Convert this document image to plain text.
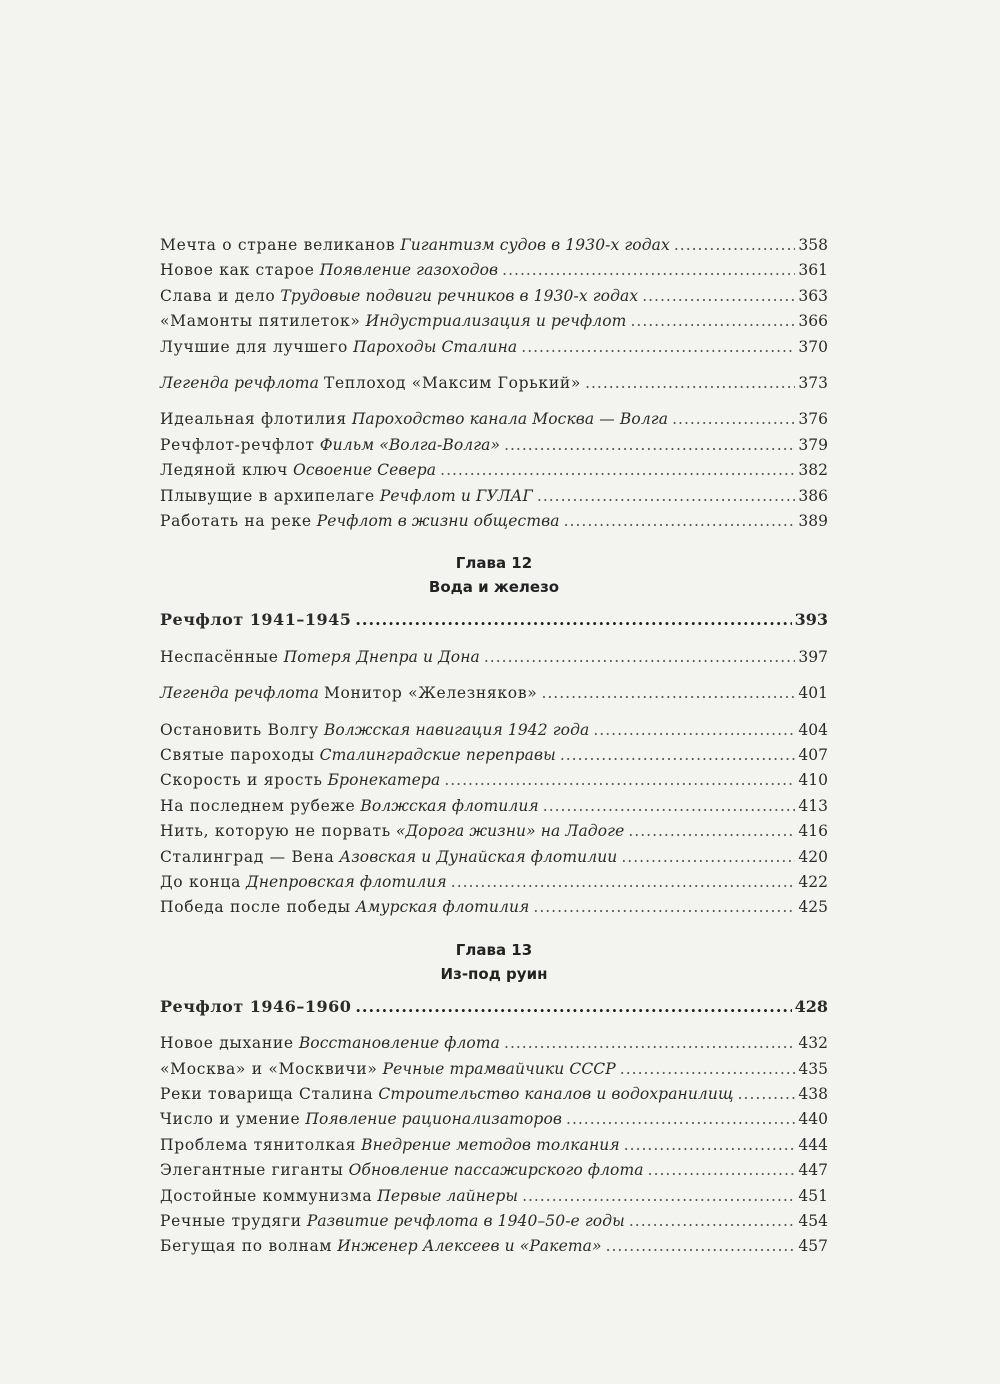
Мечта о стране великанов Гигантизм судов в 1930-х годах .....	358
Новое как старое Появление газоходов .....	361
Слава и дело Трудовые подвиги речников в 1930-х годах .....	363
«Мамонты пятилеток» Индустриализация и речфлот .....	366
Лучшие для лучшего Пароходы Сталина .....	370
Легенда речфлота Теплоход «Максим Горький» .....	373
Идеальная флотилия Пароходство канала Москва — Волга .....	376
Речфлот-речфлот Фильм «Волга-Волга» .....	379
Ледяной ключ Освоение Севера .....	382
Плывущие в архипелаге Речфлот и ГУЛАГ .....	386
Работать на реке Речфлот в жизни общества .....	389
Глава 12
Вода и железо
Речфлот 1941–1945 .....	393
Неспасённые Потеря Днепра и Дона .....	397
Легенда речфлота Монитор «Железняков» .....	401
Остановить Волгу Волжская навигация 1942 года .....	404
Святые пароходы Сталинградские переправы .....	407
Скорость и ярость Бронекатера .....	410
На последнем рубеже Волжская флотилия .....	413
Нить, которую не порвать «Дорога жизни» на Ладоге .....	416
Сталинград — Вена Азовская и Дунайская флотилии .....	420
До конца Днепровская флотилия .....	422
Победа после победы Амурская флотилия .....	425
Глава 13
Из-под руин
Речфлот 1946–1960 .....	428
Новое дыхание Восстановление флота .....	432
«Москва» и «Москвичи» Речные трамвайчики СССР .....	435
Реки товарища Сталина Строительство каналов и водохранилищ .....	438
Число и умение Появление рационализаторов .....	440
Проблема тянитолкая Внедрение методов толкания .....	444
Элегантные гиганты Обновление пассажирского флота .....	447
Достойные коммунизма Первые лайнеры .....	451
Речные трудяги Развитие речфлота в 1940–50-е годы .....	454
Бегущая по волнам Инженер Алексеев и «Ракета» .....	457
